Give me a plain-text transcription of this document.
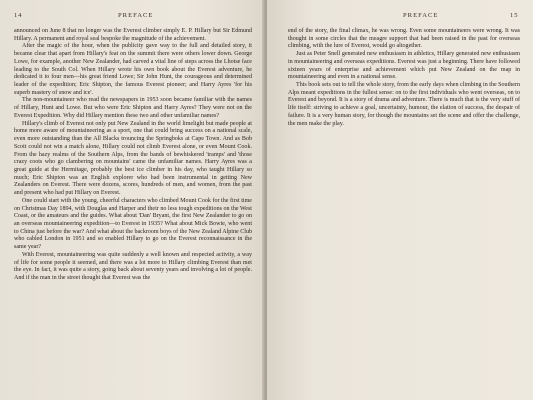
14	PREFACE

announced on June 8 that no longer was the Everest climber simply E. P. Hillary but Sir Edmund Hillary. A permanent and royal seal bespoke the magnitude of the achievement.

After the magic of the hour, when the publicity gave way to the full and detailed story, it became clear that apart from Hillary's feat on the summit there were others lower down. George Lowe, for example, another New Zealander, had carved a vital line of steps across the Lhotse face leading to the South Col. When Hillary wrote his own book about the Everest adventure, he dedicated it to four men—his great friend Lowe; Sir John Hunt, the courageous and determined leader of the expedition; Eric Shipton, the famous Everest pioneer; and Harry Ayres 'for his superb mastery of snow and ice'.

The non-mountaineer who read the newspapers in 1953 soon became familiar with the names of Hillary, Hunt and Lowe. But who were Eric Shipton and Harry Ayres? They were not on the Everest Expedition. Why did Hillary mention these two and other unfamiliar names?

Hillary's climb of Everest not only put New Zealand in the world limelight but made people at home more aware of mountaineering as a sport, one that could bring success on a national scale, even more outstanding than the All Blacks trouncing the Springboks at Cape Town. And as Bob Scott could not win a match alone, Hillary could not climb Everest alone, or even Mount Cook. From the hazy realms of the Southern Alps, from the bands of bewhiskered 'tramps' and 'those crazy coots who go clambering on mountains' came the unfamiliar names. Harry Ayres was a great guide at the Hermitage, probably the best ice climber in his day, who taught Hillary so much; Eric Shipton was an English explorer who had been instrumental in getting New Zealanders on Everest. There were dozens, scores, hundreds of men, and women, from the past and present who had put Hillary on Everest.

One could start with the young, cheerful characters who climbed Mount Cook for the first time on Christmas Day 1894, with Douglas and Harper and their no less tough expeditions on the West Coast, or the amateurs and the guides. What about 'Dan' Bryant, the first New Zealander to go on an overseas mountaineering expedition—to Everest in 1935? What about Mick Bowie, who went to China just before the war? And what about the backroom boys of the New Zealand Alpine Club who cabled London in 1951 and so enabled Hillary to go on the Everest reconnaissance in the same year?

With Everest, mountaineering was quite suddenly a well known and respected activity, a way of life for some people it seemed, and there was a lot more to Hillary climbing Everest than met the eye. In fact, it was quite a story, going back about seventy years and involving a lot of people. And if the man in the street thought that Everest was the

PREFACE	15

end of the story, the final climax, he was wrong. Even some mountaineers were wrong. It was thought in some circles that the meagre support that had been raised in the past for overseas climbing, with the lure of Everest, would go altogether.

Just as Peter Snell generated new enthusiasm in athletics, Hillary generated new enthusiasm in mountaineering and overseas expeditions. Everest was just a beginning. There have followed sixteen years of enterprise and achievement which put New Zealand on the map in mountaineering and even in a national sense.

This book sets out to tell the whole story, from the early days when climbing in the Southern Alps meant expeditions in the fullest sense: on to the first individuals who went overseas, on to Everest and beyond. It is a story of drama and adventure. There is much that is the very stuff of life itself: striving to achieve a goal, uncertainty, humour, the elation of success, the despair of failure. It is a very human story, for though the mountains set the scene and offer the challenge, the men make the play.
